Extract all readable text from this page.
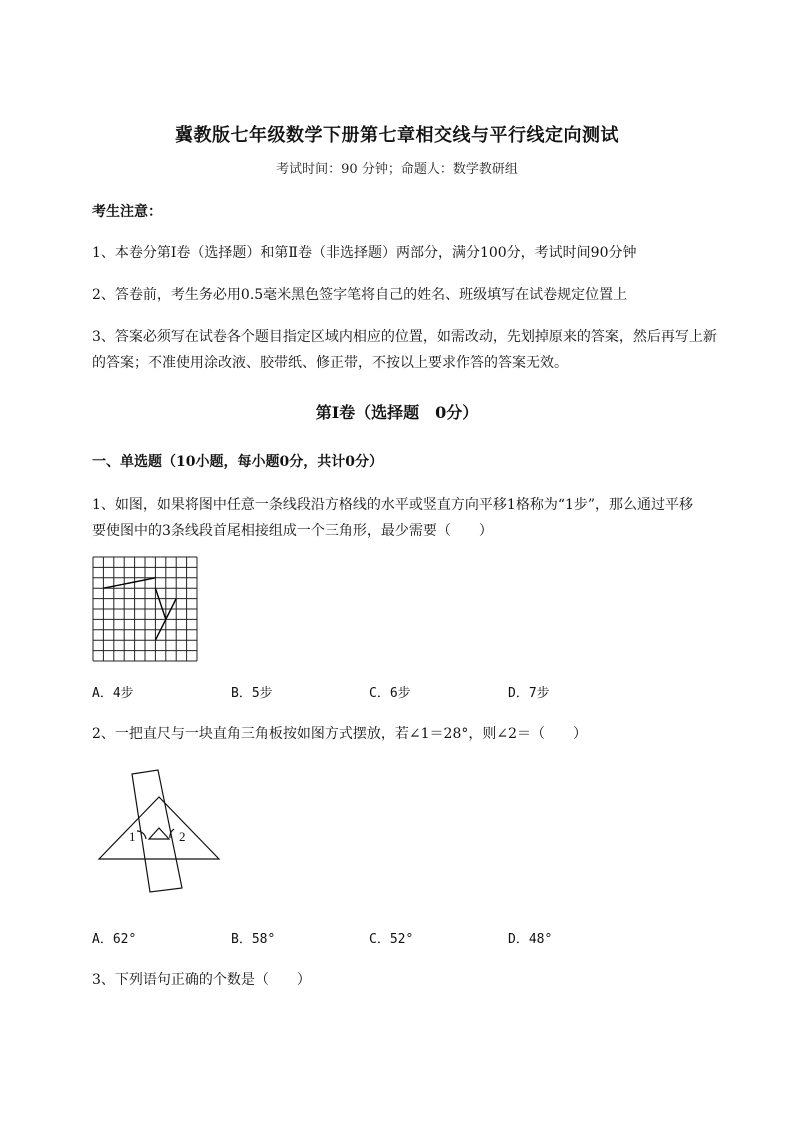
冀教版七年级数学下册第七章相交线与平行线定向测试
考试时间：90 分钟；命题人：数学教研组
考生注意：
1、本卷分第Ⅰ卷（选择题）和第Ⅱ卷（非选择题）两部分，满分100分，考试时间90分钟
2、答卷前，考生务必用0.5毫米黑色签字笔将自己的姓名、班级填写在试卷规定位置上
3、答案必须写在试卷各个题目指定区域内相应的位置，如需改动，先划掉原来的答案，然后再写上新
的答案；不准使用涂改液、胶带纸、修正带，不按以上要求作答的答案无效。
第Ⅰ卷（选择题　0分）
一、单选题（10小题，每小题0分，共计0分）
1、如图，如果将图中任意一条线段沿方格线的水平或竖直方向平移1格称为“1步”，那么通过平移
要使图中的3条线段首尾相接组成一个三角形，最少需要（　　）
A．4步	B．5步	C．6步	D．7步
2、一把直尺与一块直角三角板按如图方式摆放，若∠1＝28°，则∠2＝（　　）
1	2
A．62°	B．58°	C．52°	D．48°
3、下列语句正确的个数是（　　）
